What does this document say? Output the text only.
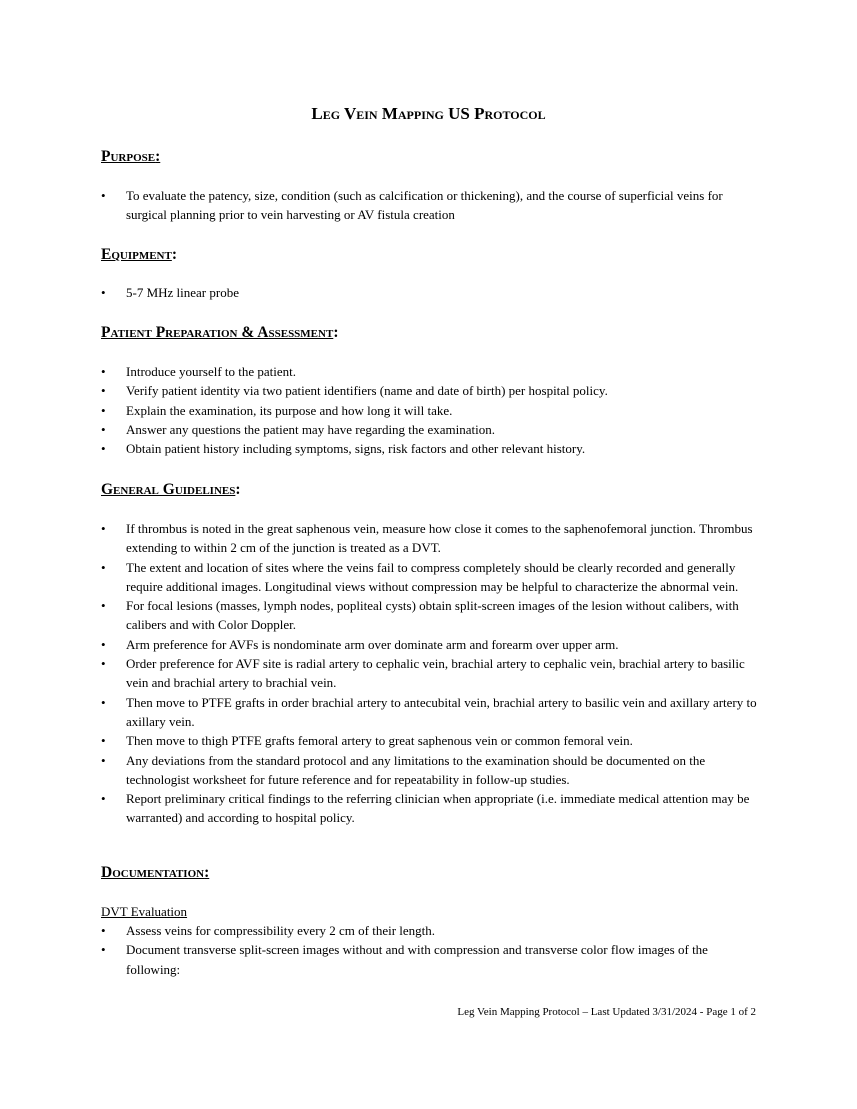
Leg Vein Mapping US Protocol

Purpose:

•	To evaluate the patency, size, condition (such as calcification or thickening), and the course of superficial veins for surgical planning prior to vein harvesting or AV fistula creation

Equipment:

•	5-7 MHz linear probe

Patient Preparation & Assessment:

•	Introduce yourself to the patient.
•	Verify patient identity via two patient identifiers (name and date of birth) per hospital policy.
•	Explain the examination, its purpose and how long it will take.
•	Answer any questions the patient may have regarding the examination.
•	Obtain patient history including symptoms, signs, risk factors and other relevant history.

General Guidelines:

•	If thrombus is noted in the great saphenous vein, measure how close it comes to the saphenofemoral junction. Thrombus extending to within 2 cm of the junction is treated as a DVT.
•	The extent and location of sites where the veins fail to compress completely should be clearly recorded and generally require additional images. Longitudinal views without compression may be helpful to characterize the abnormal vein.
•	For focal lesions (masses, lymph nodes, popliteal cysts) obtain split-screen images of the lesion without calibers, with calibers and with Color Doppler.
•	Arm preference for AVFs is nondominate arm over dominate arm and forearm over upper arm.
•	Order preference for AVF site is radial artery to cephalic vein, brachial artery to cephalic vein, brachial artery to basilic vein and brachial artery to brachial vein.
•	Then move to PTFE grafts in order brachial artery to antecubital vein, brachial artery to basilic vein and axillary artery to axillary vein.
•	Then move to thigh PTFE grafts femoral artery to great saphenous vein or common femoral vein.
•	Any deviations from the standard protocol and any limitations to the examination should be documented on the technologist worksheet for future reference and for repeatability in follow-up studies.
•	Report preliminary critical findings to the referring clinician when appropriate (i.e. immediate medical attention may be warranted) and according to hospital policy.

Documentation:

DVT Evaluation

•	Assess veins for compressibility every 2 cm of their length.
•	Document transverse split-screen images without and with compression and transverse color flow images of the following:
Leg Vein Mapping Protocol – Last Updated 3/31/2024 - Page 1 of 2
